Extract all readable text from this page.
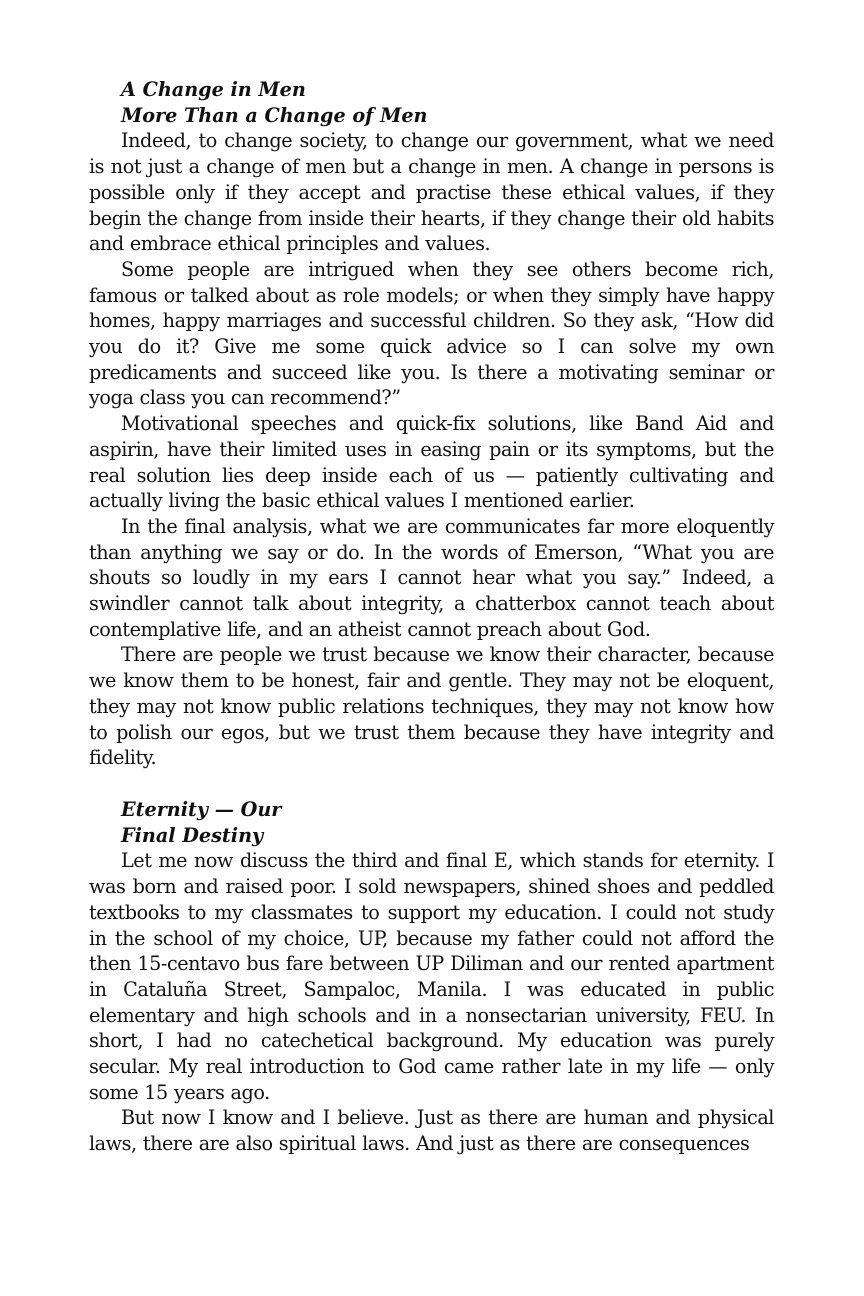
A Change in Men

More Than a Change of Men

Indeed, to change society, to change our government, what we need is not just a change of men but a change in men. A change in persons is possible only if they accept and practise these ethical values, if they begin the change from inside their hearts, if they change their old habits and embrace ethical principles and values.

Some people are intrigued when they see others become rich, famous or talked about as role models; or when they simply have happy homes, happy marriages and successful children. So they ask, “How did you do it? Give me some quick advice so I can solve my own predicaments and succeed like you. Is there a motivating seminar or yoga class you can recommend?”

Motivational speeches and quick-fix solutions, like Band Aid and aspirin, have their limited uses in easing pain or its symptoms, but the real solution lies deep inside each of us — patiently cultivating and actually living the basic ethical values I mentioned earlier.

In the final analysis, what we are communicates far more eloquently than anything we say or do. In the words of Emerson, “What you are shouts so loudly in my ears I cannot hear what you say.” Indeed, a swindler cannot talk about integrity, a chatterbox cannot teach about contemplative life, and an atheist cannot preach about God.

There are people we trust because we know their character, because we know them to be honest, fair and gentle. They may not be eloquent, they may not know public relations techniques, they may not know how to polish our egos, but we trust them because they have integrity and fidelity.

Eternity — Our

Final Destiny

Let me now discuss the third and final E, which stands for eternity. I was born and raised poor. I sold newspapers, shined shoes and peddled textbooks to my classmates to support my education. I could not study in the school of my choice, UP, because my father could not afford the then 15-centavo bus fare between UP Diliman and our rented apartment in Cataluña Street, Sampaloc, Manila. I was educated in public elementary and high schools and in a nonsectarian university, FEU. In short, I had no catechetical background. My education was purely secular. My real introduction to God came rather late in my life — only some 15 years ago.

But now I know and I believe. Just as there are human and physical laws, there are also spiritual laws. And just as there are consequences
